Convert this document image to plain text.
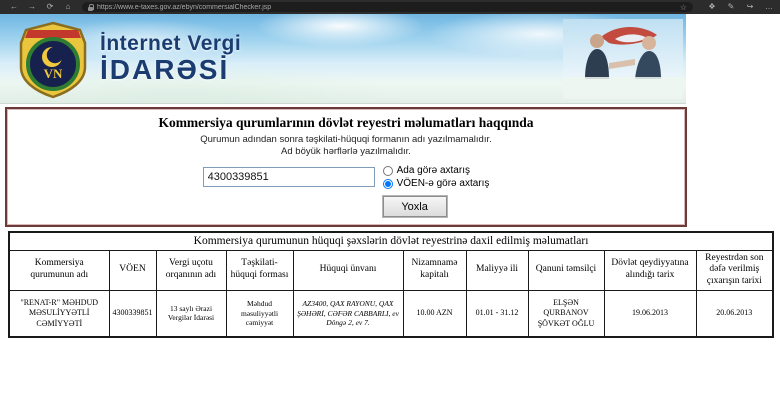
←	→	⟳	⌂	https://www.e-taxes.gov.az/ebyn/commersialChecker.jsp	☆	❖ ✎ ↪ …
VN
İnternet Vergi
İDARƏSİ
Kommersiya qurumlarının dövlət reyestri məlumatları haqqında
Qurumun adından sonra təşkilati-hüquqi formanın adı yazılmamalıdır.
Ad böyük hərflərlə yazılmalıdır.
4300339851
Ada görə axtarış
VÖEN-ə görə axtarış
Yoxla
Kommersiya qurumunun hüquqi şəxslərin dövlət reyestrinə daxil edilmiş məlumatları									
Kommersiya qurumunun adı	VÖEN	Vergi uçotu orqanının adı	Təşkilati-hüquqi forması	Hüquqi ünvanı	Nizamnamə kapitalı	Maliyyə ili	Qanuni təmsilçi	Dövlət qeydiyyatına alındığı tarix	Reyestrdən son dəfə verilmiş çıxarışın tarixi
"RENAT-R" MƏHDUD MƏSULİYYƏTLİ CƏMİYYƏTİ	4300339851	13 saylı Ərazi Vergilər İdarəsi	Məhdud məsuliyyətli cəmiyyət	AZ3400, QAX RAYONU, QAX ŞƏHƏRİ, CƏFƏR CABBARLI, ev Döngə 2, ev 7.	10.00 AZN	01.01 - 31.12	ELŞƏN QURBANOV ŞÖVKƏT OĞLU	19.06.2013	20.06.2013
